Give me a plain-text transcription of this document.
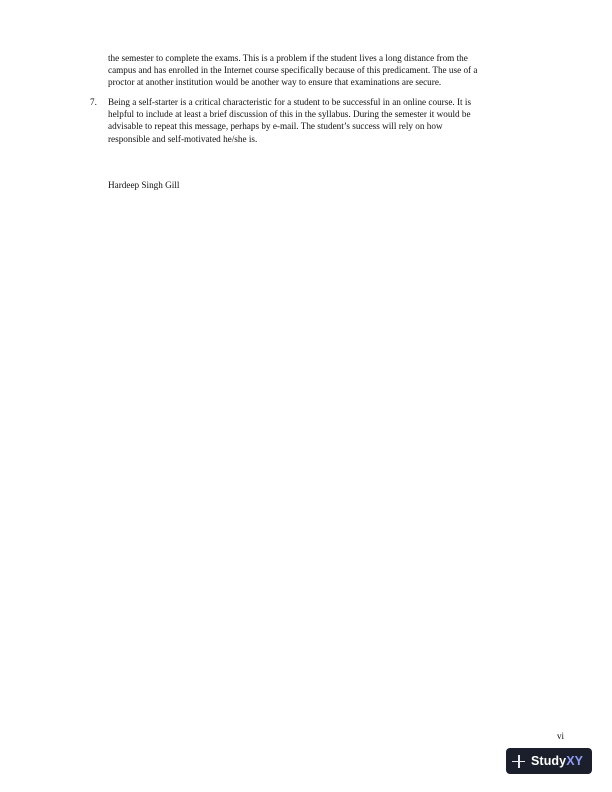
the semester to complete the exams. This is a problem if the student lives a long distance from the
campus and has enrolled in the Internet course specifically because of this predicament. The use of a
proctor at another institution would be another way to ensure that examinations are secure.
7. Being a self-starter is a critical characteristic for a student to be successful in an online course. It is
helpful to include at least a brief discussion of this in the syllabus. During the semester it would be
advisable to repeat this message, perhaps by e-mail. The student’s success will rely on how
responsible and self-motivated he/she is.
Hardeep Singh Gill
vi
Study XY
